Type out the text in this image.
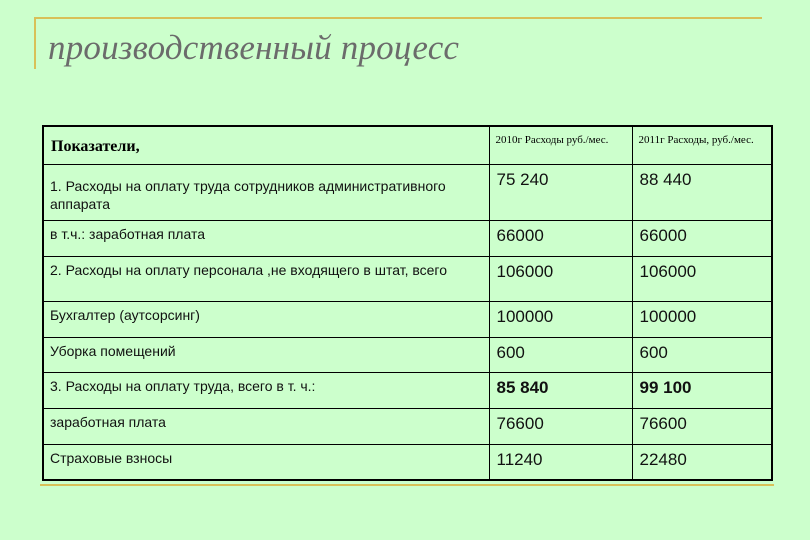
производственный процесс
Показатели,	2010г Расходы руб./мес.	2011г Расходы, руб./мес.

1. Расходы на оплату труда сотрудников административного аппарата	75 240	88 440

в т.ч.: заработная плата	66000	66000

2. Расходы на оплату персонала ,не входящего в штат, всего	106000	106000

Бухгалтер (аутсорсинг)	100000	100000

Уборка помещений	600	600

3. Расходы на оплату труда, всего в т. ч.:	85 840	99 100

заработная плата	76600	76600

Страховые взносы	11240	22480
